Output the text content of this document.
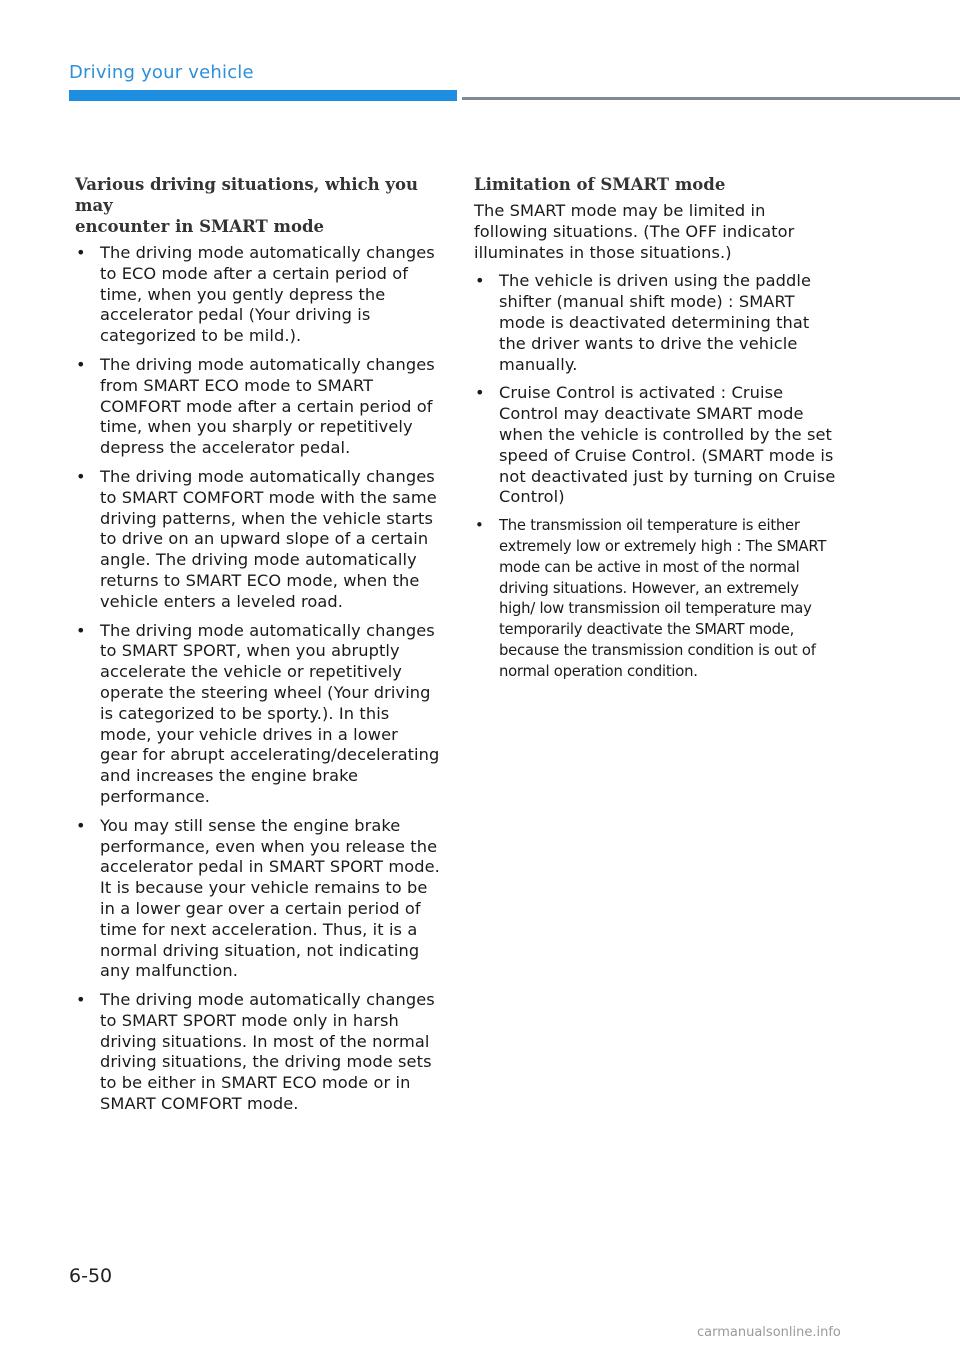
Driving your vehicle
Various driving situations, which you may
encounter in SMART mode
• The driving mode automatically changes to ECO mode after a certain period of time, when you gently depress the accelerator pedal (Your driving is categorized to be mild.).
• The driving mode automatically changes from SMART ECO mode to SMART COMFORT mode after a certain period of time, when you sharply or repetitively depress the accelerator pedal.
• The driving mode automatically changes to SMART COMFORT mode with the same driving patterns, when the vehicle starts to drive on an upward slope of a certain angle. The driving mode automatically returns to SMART ECO mode, when the vehicle enters a leveled road.
• The driving mode automatically changes to SMART SPORT, when you abruptly accelerate the vehicle or repetitively operate the steering wheel (Your driving is categorized to be sporty.). In this mode, your vehicle drives in a lower gear for abrupt accelerating/decelerating and increases the engine brake performance.
• You may still sense the engine brake performance, even when you release the accelerator pedal in SMART SPORT mode. It is because your vehicle remains to be in a lower gear over a certain period of time for next acceleration. Thus, it is a normal driving situation, not indicating any malfunction.
• The driving mode automatically changes to SMART SPORT mode only in harsh driving situations. In most of the normal driving situations, the driving mode sets to be either in SMART ECO mode or in SMART COMFORT mode.
Limitation of SMART mode

The SMART mode may be limited in following situations. (The OFF indicator illuminates in those situations.)

• The vehicle is driven using the paddle shifter (manual shift mode) : SMART mode is deactivated determining that the driver wants to drive the vehicle manually.
• Cruise Control is activated : Cruise Control may deactivate SMART mode when the vehicle is controlled by the set speed of Cruise Control. (SMART mode is not deactivated just by turning on Cruise Control)
• The transmission oil temperature is either extremely low or extremely high : The SMART mode can be active in most of the normal driving situations. However, an extremely high/ low transmission oil temperature may temporarily deactivate the SMART mode, because the transmission condition is out of normal operation condition.
6-50
carmanualsonline.info
